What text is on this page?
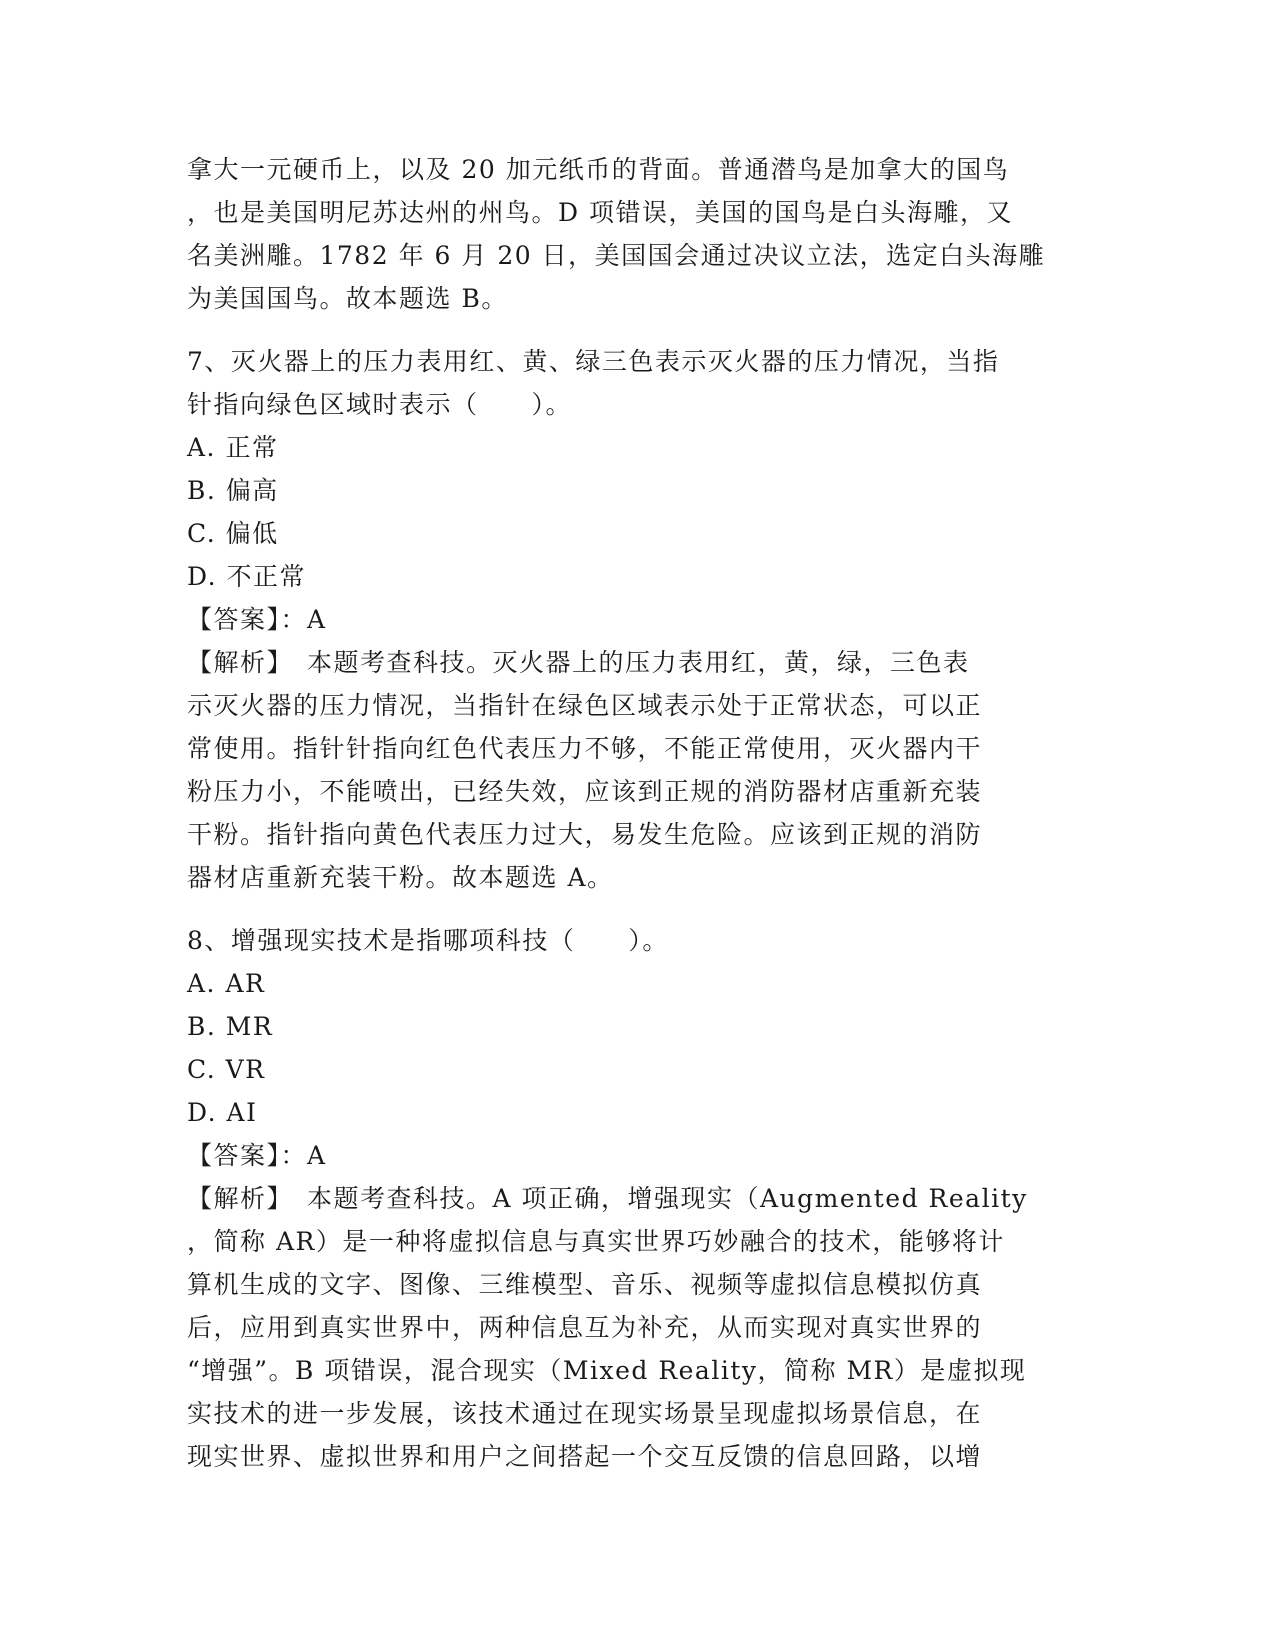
拿大一元硬币上，以及 20 加元纸币的背面。普通潜鸟是加拿大的国鸟
，也是美国明尼苏达州的州鸟。D 项错误，美国的国鸟是白头海雕，又
名美洲雕。1782 年 6 月 20 日，美国国会通过决议立法，选定白头海雕
为美国国鸟。故本题选 B。
7、灭火器上的压力表用红、黄、绿三色表示灭火器的压力情况，当指
针指向绿色区域时表示（　　）。
A. 正常
B. 偏高
C. 偏低
D. 不正常
【答案】：A
【解析】　本题考查科技。灭火器上的压力表用红，黄，绿，三色表
示灭火器的压力情况，当指针在绿色区域表示处于正常状态，可以正
常使用。指针针指向红色代表压力不够，不能正常使用，灭火器内干
粉压力小，不能喷出，已经失效，应该到正规的消防器材店重新充装
干粉。指针指向黄色代表压力过大，易发生危险。应该到正规的消防
器材店重新充装干粉。故本题选 A。
8、增强现实技术是指哪项科技（　　）。
A. AR
B. MR
C. VR
D. AI
【答案】：A
【解析】　本题考查科技。A 项正确，增强现实（Augmented Reality
，简称 AR）是一种将虚拟信息与真实世界巧妙融合的技术，能够将计
算机生成的文字、图像、三维模型、音乐、视频等虚拟信息模拟仿真
后，应用到真实世界中，两种信息互为补充，从而实现对真实世界的
“增强”。B 项错误，混合现实（Mixed Reality，简称 MR）是虚拟现
实技术的进一步发展，该技术通过在现实场景呈现虚拟场景信息，在
现实世界、虚拟世界和用户之间搭起一个交互反馈的信息回路，以增
